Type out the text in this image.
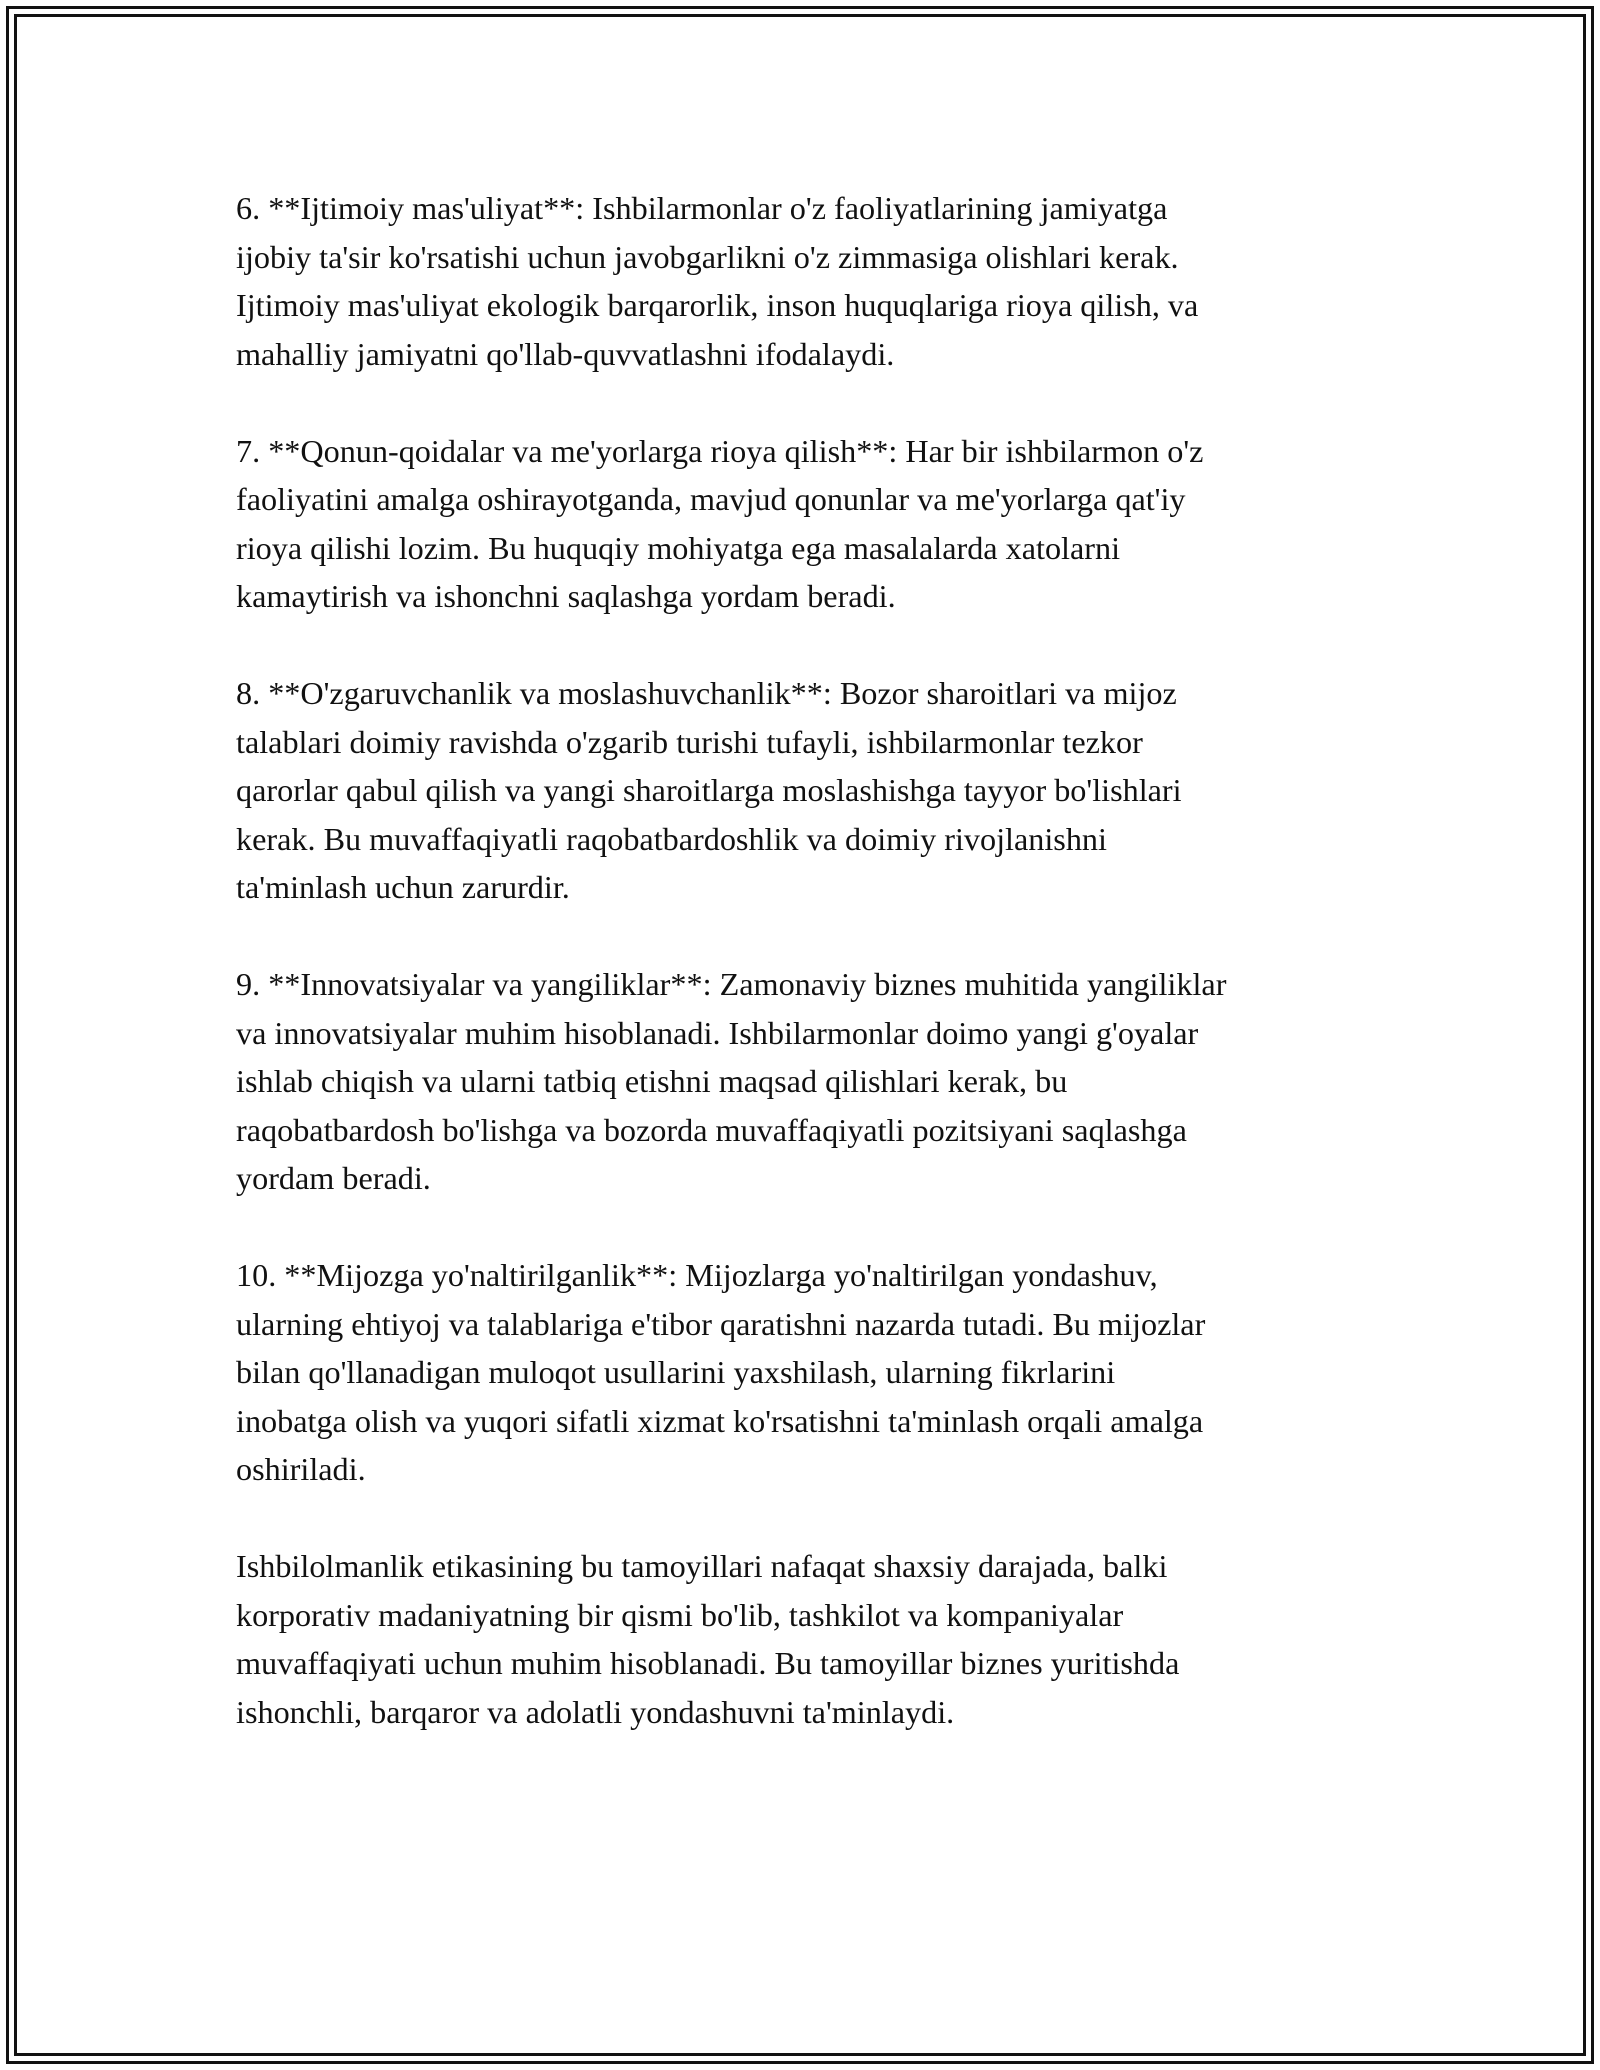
6. **Ijtimoiy mas'uliyat**: Ishbilarmonlar o'z faoliyatlarining jamiyatga
ijobiy ta'sir ko'rsatishi uchun javobgarlikni o'z zimmasiga olishlari kerak.
Ijtimoiy mas'uliyat ekologik barqarorlik, inson huquqlariga rioya qilish, va
mahalliy jamiyatni qo'llab-quvvatlashni ifodalaydi.

7. **Qonun-qoidalar va me'yorlarga rioya qilish**: Har bir ishbilarmon o'z
faoliyatini amalga oshirayotganda, mavjud qonunlar va me'yorlarga qat'iy
rioya qilishi lozim. Bu huquqiy mohiyatga ega masalalarda xatolarni
kamaytirish va ishonchni saqlashga yordam beradi.

8. **O'zgaruvchanlik va moslashuvchanlik**: Bozor sharoitlari va mijoz
talablari doimiy ravishda o'zgarib turishi tufayli, ishbilarmonlar tezkor
qarorlar qabul qilish va yangi sharoitlarga moslashishga tayyor bo'lishlari
kerak. Bu muvaffaqiyatli raqobatbardoshlik va doimiy rivojlanishni
ta'minlash uchun zarurdir.

9. **Innovatsiyalar va yangiliklar**: Zamonaviy biznes muhitida yangiliklar
va innovatsiyalar muhim hisoblanadi. Ishbilarmonlar doimo yangi g'oyalar
ishlab chiqish va ularni tatbiq etishni maqsad qilishlari kerak, bu
raqobatbardosh bo'lishga va bozorda muvaffaqiyatli pozitsiyani saqlashga
yordam beradi.

10. **Mijozga yo'naltirilganlik**: Mijozlarga yo'naltirilgan yondashuv,
ularning ehtiyoj va talablariga e'tibor qaratishni nazarda tutadi. Bu mijozlar
bilan qo'llanadigan muloqot usullarini yaxshilash, ularning fikrlarini
inobatga olish va yuqori sifatli xizmat ko'rsatishni ta'minlash orqali amalga
oshiriladi.

Ishbilolmanlik etikasining bu tamoyillari nafaqat shaxsiy darajada, balki
korporativ madaniyatning bir qismi bo'lib, tashkilot va kompaniyalar
muvaffaqiyati uchun muhim hisoblanadi. Bu tamoyillar biznes yuritishda
ishonchli, barqaror va adolatli yondashuvni ta'minlaydi.
